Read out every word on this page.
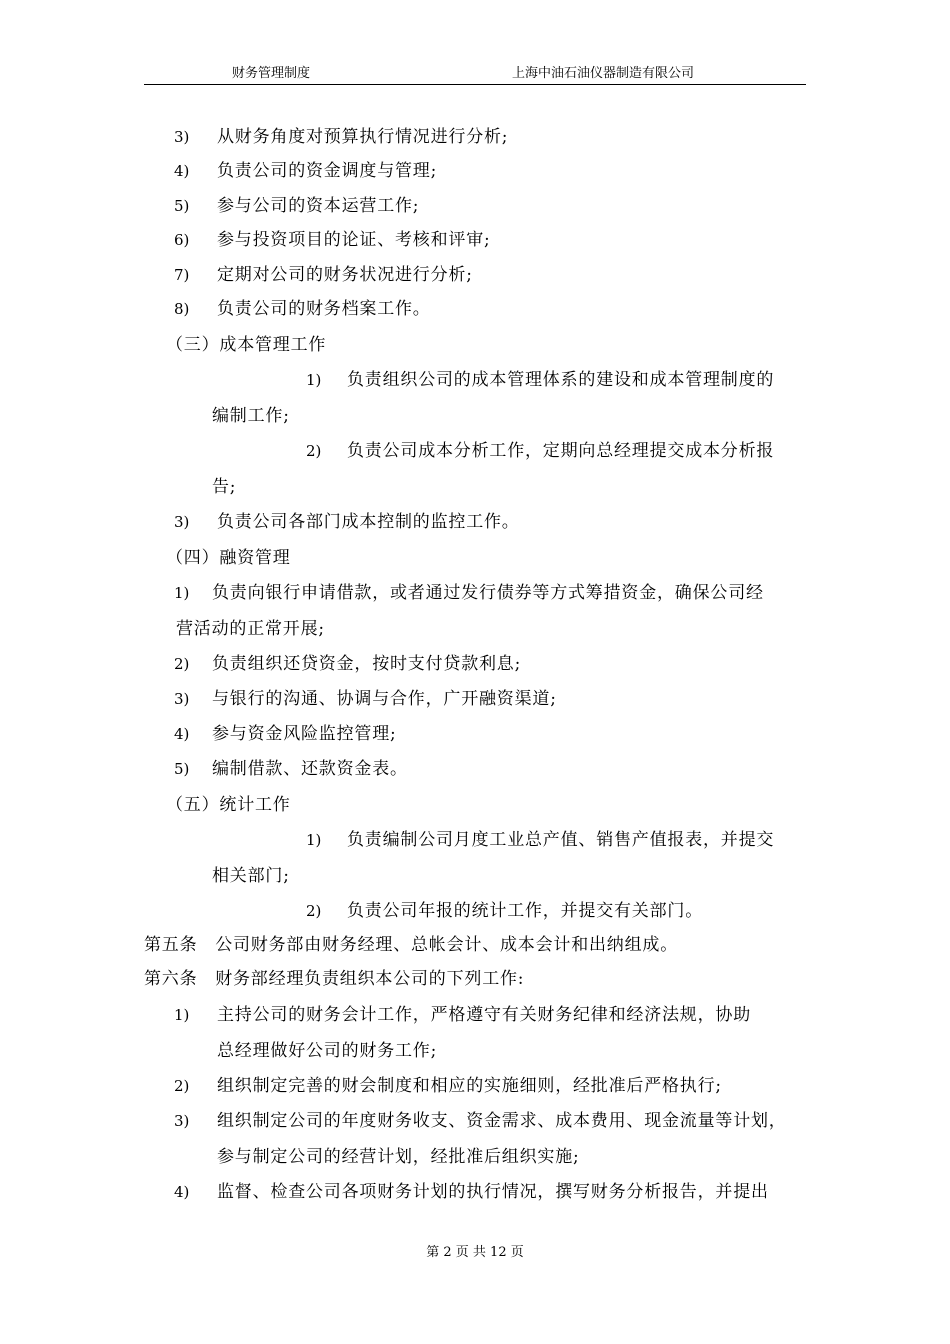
财务管理制度	上海中油石油仪器制造有限公司
3) 从财务角度对预算执行情况进行分析;
4) 负责公司的资金调度与管理;
5) 参与公司的资本运营工作;
6) 参与投资项目的论证、考核和评审;
7) 定期对公司的财务状况进行分析;
8) 负责公司的财务档案工作。
（三）成本管理工作
1) 负责组织公司的成本管理体系的建设和成本管理制度的
编制工作;
2) 负责公司成本分析工作，定期向总经理提交成本分析报
告;
3) 负责公司各部门成本控制的监控工作。
（四）融资管理
1) 负责向银行申请借款，或者通过发行债券等方式筹措资金，确保公司经
营活动的正常开展;
2) 负责组织还贷资金，按时支付贷款利息;
3) 与银行的沟通、协调与合作，广开融资渠道;
4) 参与资金风险监控管理;
5) 编制借款、还款资金表。
（五）统计工作
1) 负责编制公司月度工业总产值、销售产值报表，并提交
相关部门;
2) 负责公司年报的统计工作，并提交有关部门。
第五条　公司财务部由财务经理、总帐会计、成本会计和出纳组成。
第六条　财务部经理负责组织本公司的下列工作:
1) 主持公司的财务会计工作，严格遵守有关财务纪律和经济法规，协助
总经理做好公司的财务工作;
2) 组织制定完善的财会制度和相应的实施细则，经批准后严格执行;
3) 组织制定公司的年度财务收支、资金需求、成本费用、现金流量等计划，
参与制定公司的经营计划，经批准后组织实施;
4) 监督、检查公司各项财务计划的执行情况，撰写财务分析报告，并提出
第 2 页 共 12 页
